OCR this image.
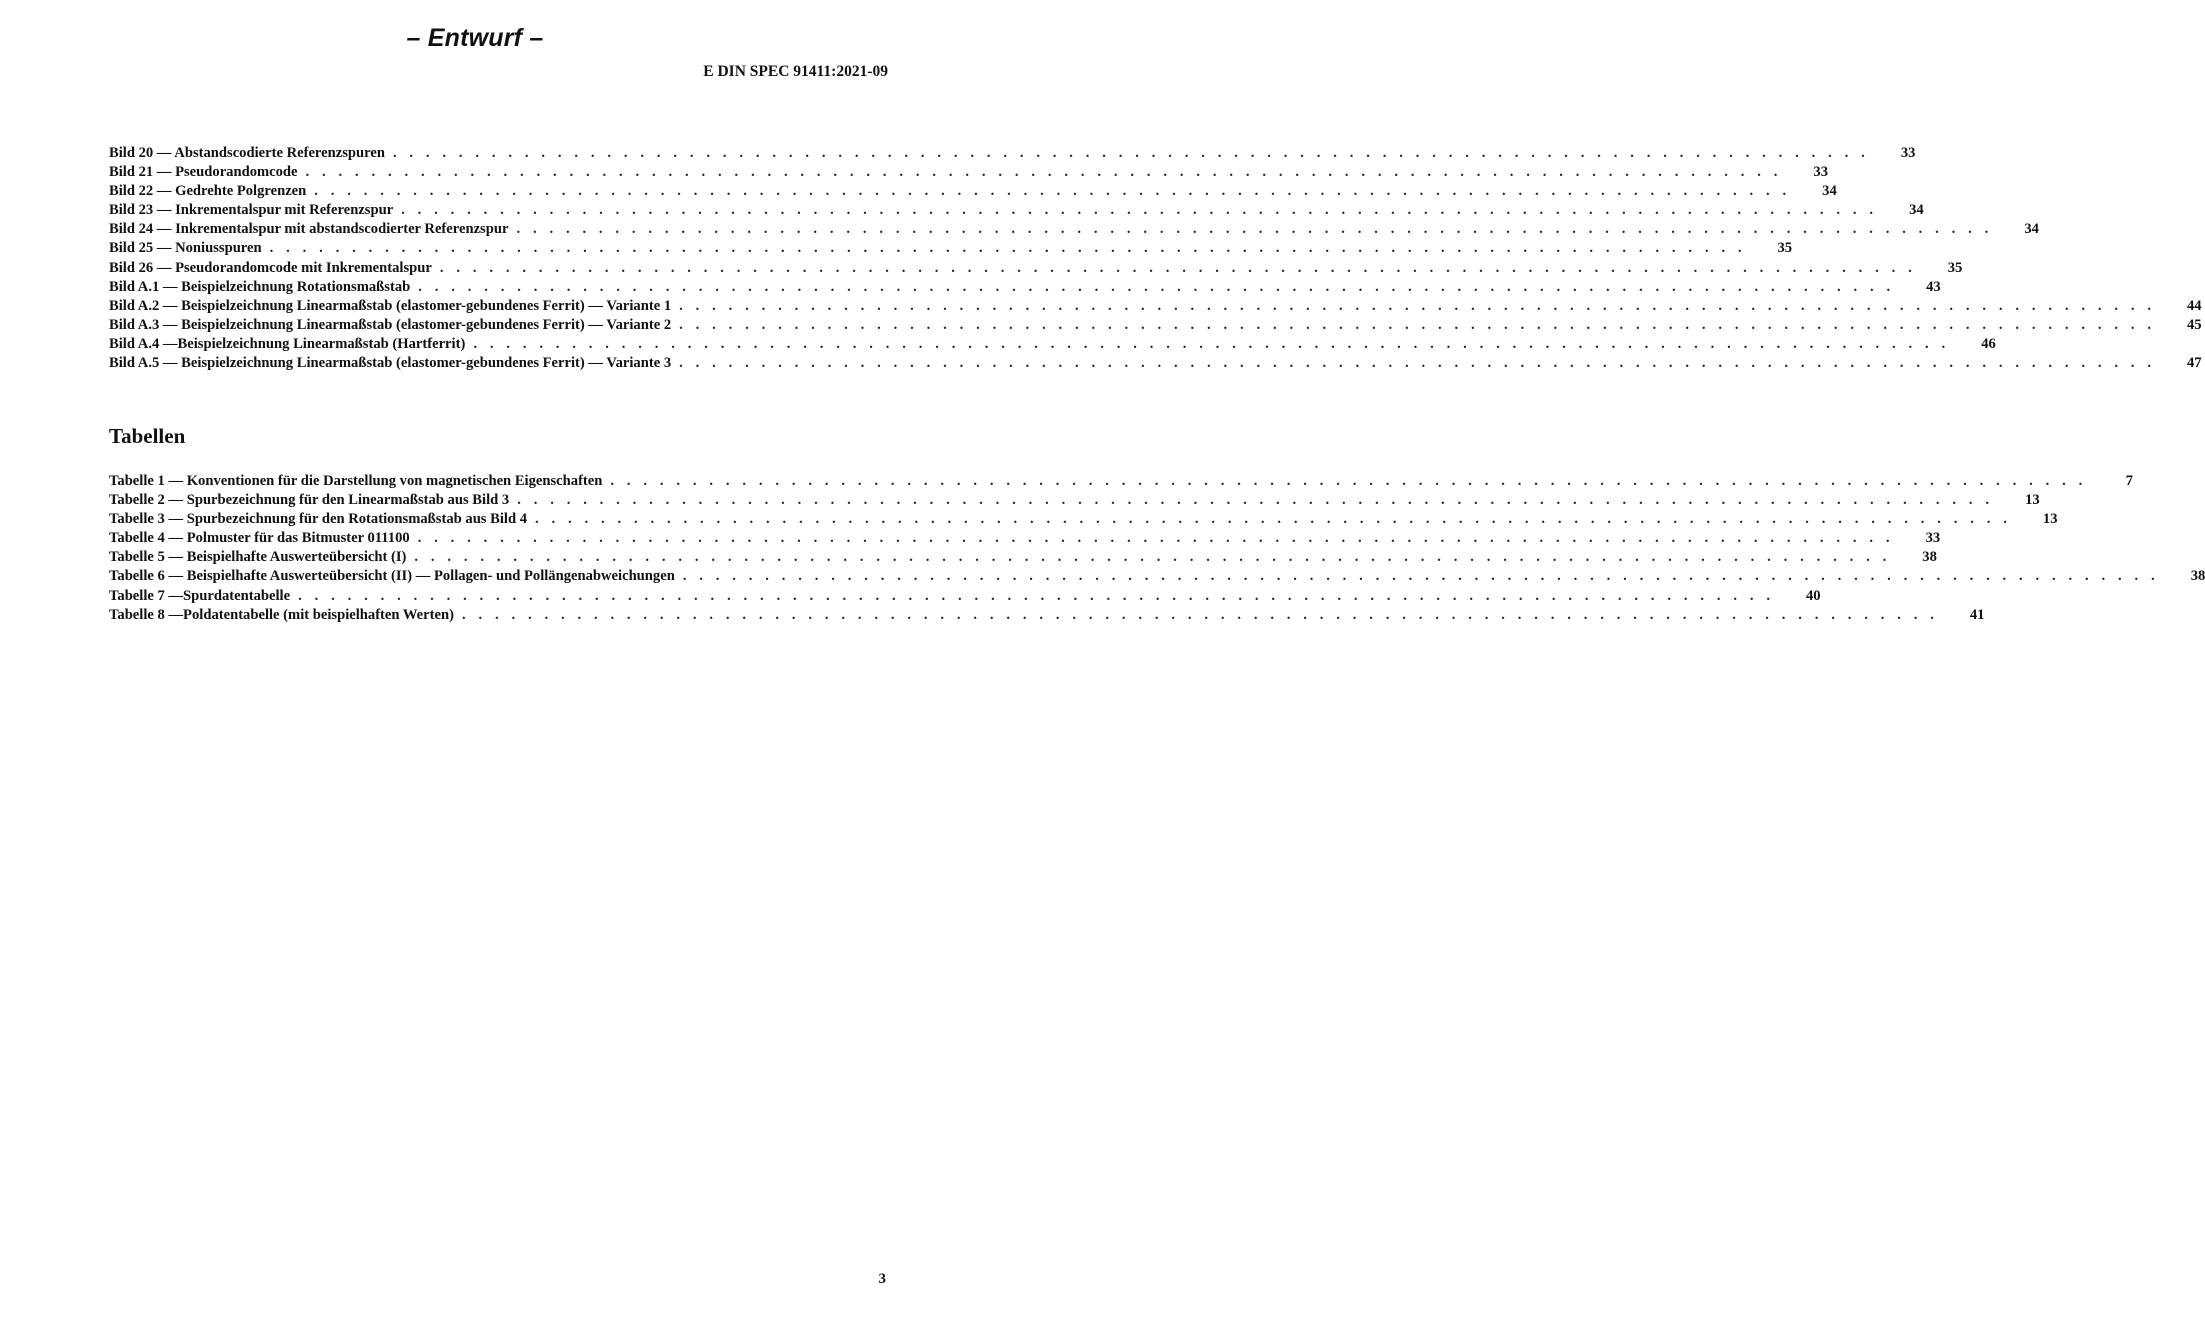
– Entwurf –
E DIN SPEC 91411:2021-09
Bild 20 — Abstandscodierte Referenzspuren . . . . . . . . . . . . . . . . . . . . . . . . . . . . . . . . . . . . . . . . . . . . . . . . . . . . . . . . . . . . . . . . . . . . . . . . . . . . . . . . . . . . . . . . . .	33
Bild 21 — Pseudorandomcode . . . . . . . . . . . . . . . . . . . . . . . . . . . . . . . . . . . . . . . . . . . . . . . . . . . . . . . . . . . . . . . . . . . . . . . . . . . . . . . . . . . . . . . . . .	33
Bild 22 — Gedrehte Polgrenzen . . . . . . . . . . . . . . . . . . . . . . . . . . . . . . . . . . . . . . . . . . . . . . . . . . . . . . . . . . . . . . . . . . . . . . . . . . . . . . . . . . . . . . . . . .	34
Bild 23 — Inkrementalspur mit Referenzspur . . . . . . . . . . . . . . . . . . . . . . . . . . . . . . . . . . . . . . . . . . . . . . . . . . . . . . . . . . . . . . . . . . . . . . . . . . . . . . . . . . . . . . . . . .	34
Bild 24 — Inkrementalspur mit abstandscodierter Referenzspur . . . . . . . . . . . . . . . . . . . . . . . . . . . . . . . . . . . . . . . . . . . . . . . . . . . . . . . . . . . . . . . . . . . . . . . . . . . . . . . . . . . . . . . . . .	34
Bild 25 — Noniusspuren . . . . . . . . . . . . . . . . . . . . . . . . . . . . . . . . . . . . . . . . . . . . . . . . . . . . . . . . . . . . . . . . . . . . . . . . . . . . . . . . . . . . . . . . . .	35
Bild 26 — Pseudorandomcode mit Inkrementalspur . . . . . . . . . . . . . . . . . . . . . . . . . . . . . . . . . . . . . . . . . . . . . . . . . . . . . . . . . . . . . . . . . . . . . . . . . . . . . . . . . . . . . . . . . .	35
Bild A.1 — Beispielzeichnung Rotationsmaßstab . . . . . . . . . . . . . . . . . . . . . . . . . . . . . . . . . . . . . . . . . . . . . . . . . . . . . . . . . . . . . . . . . . . . . . . . . . . . . . . . . . . . . . . . . .	43
Bild A.2 — Beispielzeichnung Linearmaßstab (elastomer-gebundenes Ferrit) — Variante 1 . . . . . . . . . . . . . . . . . . . . . . . . . . . . . . . . . . . . . . . . . . . . . . . . . . . . . . . . . . . . . . . . . . . . . . . . . . . . . . . . . . . . . . . . . .	44
Bild A.3 — Beispielzeichnung Linearmaßstab (elastomer-gebundenes Ferrit) — Variante 2 . . . . . . . . . . . . . . . . . . . . . . . . . . . . . . . . . . . . . . . . . . . . . . . . . . . . . . . . . . . . . . . . . . . . . . . . . . . . . . . . . . . . . . . . . .	45
Bild A.4 —Beispielzeichnung Linearmaßstab (Hartferrit) . . . . . . . . . . . . . . . . . . . . . . . . . . . . . . . . . . . . . . . . . . . . . . . . . . . . . . . . . . . . . . . . . . . . . . . . . . . . . . . . . . . . . . . . . .	46
Bild A.5 — Beispielzeichnung Linearmaßstab (elastomer-gebundenes Ferrit) — Variante 3 . . . . . . . . . . . . . . . . . . . . . . . . . . . . . . . . . . . . . . . . . . . . . . . . . . . . . . . . . . . . . . . . . . . . . . . . . . . . . . . . . . . . . . . . . .	47
Tabellen
Tabelle 1 — Konventionen für die Darstellung von magnetischen Eigenschaften . . . . . . . . . . . . . . . . . . . . . . . . . . . . . . . . . . . . . . . . . . . . . . . . . . . . . . . . . . . . . . . . . . . . . . . . . . . . . . . . . . . . . . . . . .	7
Tabelle 2 — Spurbezeichnung für den Linearmaßstab aus Bild 3 . . . . . . . . . . . . . . . . . . . . . . . . . . . . . . . . . . . . . . . . . . . . . . . . . . . . . . . . . . . . . . . . . . . . . . . . . . . . . . . . . . . . . . . . . .	13
Tabelle 3 — Spurbezeichnung für den Rotationsmaßstab aus Bild 4 . . . . . . . . . . . . . . . . . . . . . . . . . . . . . . . . . . . . . . . . . . . . . . . . . . . . . . . . . . . . . . . . . . . . . . . . . . . . . . . . . . . . . . . . . .	13
Tabelle 4 — Polmuster für das Bitmuster 011100 . . . . . . . . . . . . . . . . . . . . . . . . . . . . . . . . . . . . . . . . . . . . . . . . . . . . . . . . . . . . . . . . . . . . . . . . . . . . . . . . . . . . . . . . . .	33
Tabelle 5 — Beispielhafte Auswerteübersicht (I) . . . . . . . . . . . . . . . . . . . . . . . . . . . . . . . . . . . . . . . . . . . . . . . . . . . . . . . . . . . . . . . . . . . . . . . . . . . . . . . . . . . . . . . . . .	38
Tabelle 6 — Beispielhafte Auswerteübersicht (II) — Pollagen- und Pollängenabweichungen . . . . . . . . . . . . . . . . . . . . . . . . . . . . . . . . . . . . . . . . . . . . . . . . . . . . . . . . . . . . . . . . . . . . . . . . . . . . . . . . . . . . . . . . . .	38
Tabelle 7 —Spurdatentabelle . . . . . . . . . . . . . . . . . . . . . . . . . . . . . . . . . . . . . . . . . . . . . . . . . . . . . . . . . . . . . . . . . . . . . . . . . . . . . . . . . . . . . . . . . .	40
Tabelle 8 —Poldatentabelle (mit beispielhaften Werten) . . . . . . . . . . . . . . . . . . . . . . . . . . . . . . . . . . . . . . . . . . . . . . . . . . . . . . . . . . . . . . . . . . . . . . . . . . . . . . . . . . . . . . . . . .	41
3
